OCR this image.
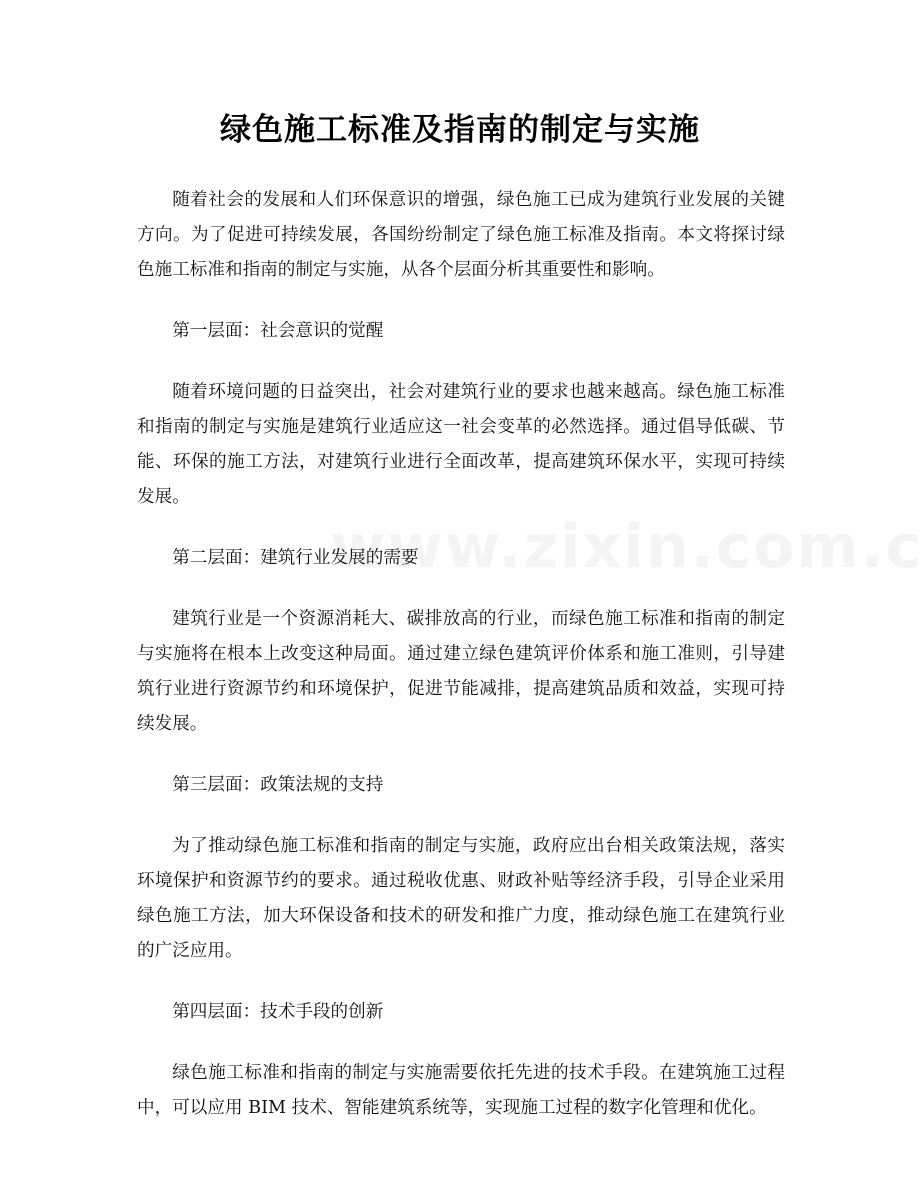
绿色施工标准及指南的制定与实施

随着社会的发展和人们环保意识的增强，绿色施工已成为建筑行业发展的关键方向。为了促进可持续发展，各国纷纷制定了绿色施工标准及指南。本文将探讨绿色施工标准和指南的制定与实施，从各个层面分析其重要性和影响。

第一层面：社会意识的觉醒

随着环境问题的日益突出，社会对建筑行业的要求也越来越高。绿色施工标准和指南的制定与实施是建筑行业适应这一社会变革的必然选择。通过倡导低碳、节能、环保的施工方法，对建筑行业进行全面改革，提高建筑环保水平，实现可持续发展。

第二层面：建筑行业发展的需要

建筑行业是一个资源消耗大、碳排放高的行业，而绿色施工标准和指南的制定与实施将在根本上改变这种局面。通过建立绿色建筑评价体系和施工准则，引导建筑行业进行资源节约和环境保护，促进节能减排，提高建筑品质和效益，实现可持续发展。

第三层面：政策法规的支持

为了推动绿色施工标准和指南的制定与实施，政府应出台相关政策法规，落实环境保护和资源节约的要求。通过税收优惠、财政补贴等经济手段，引导企业采用绿色施工方法，加大环保设备和技术的研发和推广力度，推动绿色施工在建筑行业的广泛应用。

第四层面：技术手段的创新

绿色施工标准和指南的制定与实施需要依托先进的技术手段。在建筑施工过程中，可以应用 BIM 技术、智能建筑系统等，实现施工过程的数字化管理和优化。
